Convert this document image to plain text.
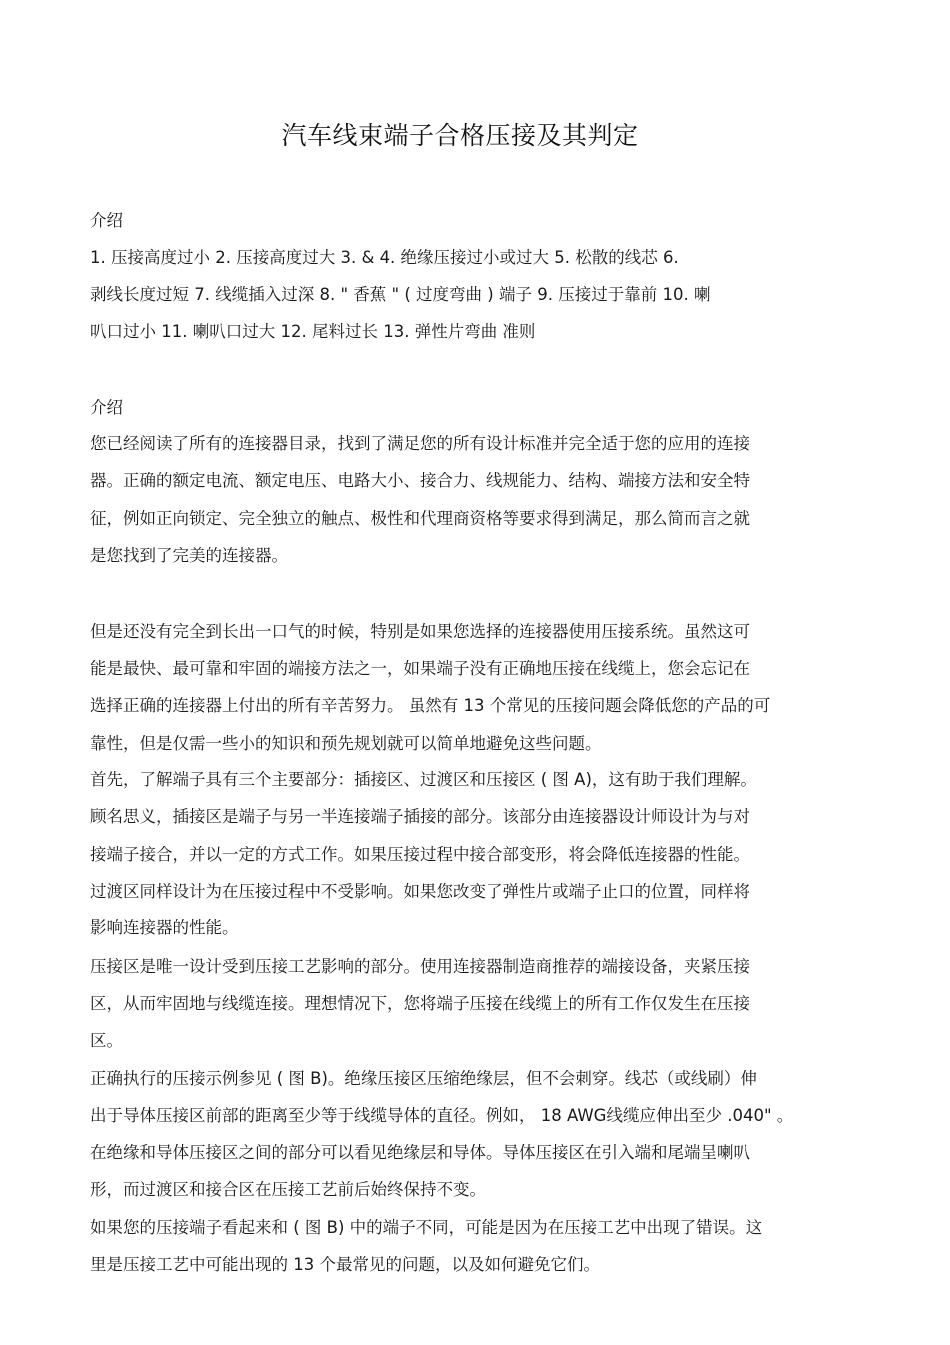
汽车线束端子合格压接及其判定
介绍
1. 压接高度过小 2. 压接高度过大 3. & 4. 绝缘压接过小或过大 5. 松散的线芯 6.
剥线长度过短 7. 线缆插入过深 8. " 香蕉 " ( 过度弯曲 ) 端子 9. 压接过于靠前 10. 喇
叭口过小 11. 喇叭口过大 12. 尾料过长 13. 弹性片弯曲 准则
介绍
您已经阅读了所有的连接器目录，找到了满足您的所有设计标准并完全适于您的应用的连接
器。正确的额定电流、额定电压、电路大小、接合力、线规能力、结构、端接方法和安全特
征，例如正向锁定、完全独立的触点、极性和代理商资格等要求得到满足，那么简而言之就
是您找到了完美的连接器。
但是还没有完全到长出一口气的时候，特别是如果您选择的连接器使用压接系统。虽然这可
能是最快、最可靠和牢固的端接方法之一，如果端子没有正确地压接在线缆上，您会忘记在
选择正确的连接器上付出的所有辛苦努力。 虽然有 13 个常见的压接问题会降低您的产品的可
靠性，但是仅需一些小的知识和预先规划就可以简单地避免这些问题。
首先，了解端子具有三个主要部分：插接区、过渡区和压接区 ( 图 A)，这有助于我们理解。
顾名思义，插接区是端子与另一半连接端子插接的部分。该部分由连接器设计师设计为与对
接端子接合，并以一定的方式工作。如果压接过程中接合部变形，将会降低连接器的性能。
过渡区同样设计为在压接过程中不受影响。如果您改变了弹性片或端子止口的位置，同样将
影响连接器的性能。
压接区是唯一设计受到压接工艺影响的部分。使用连接器制造商推荐的端接设备，夹紧压接
区，从而牢固地与线缆连接。理想情况下，您将端子压接在线缆上的所有工作仅发生在压接
区。
正确执行的压接示例参见 ( 图 B)。绝缘压接区压缩绝缘层，但不会刺穿。线芯（或线刷）伸
出于导体压接区前部的距离至少等于线缆导体的直径。例如， 18 AWG线缆应伸出至少 .040" 。
在绝缘和导体压接区之间的部分可以看见绝缘层和导体。导体压接区在引入端和尾端呈喇叭
形，而过渡区和接合区在压接工艺前后始终保持不变。
如果您的压接端子看起来和 ( 图 B) 中的端子不同，可能是因为在压接工艺中出现了错误。这
里是压接工艺中可能出现的 13 个最常见的问题，以及如何避免它们。
